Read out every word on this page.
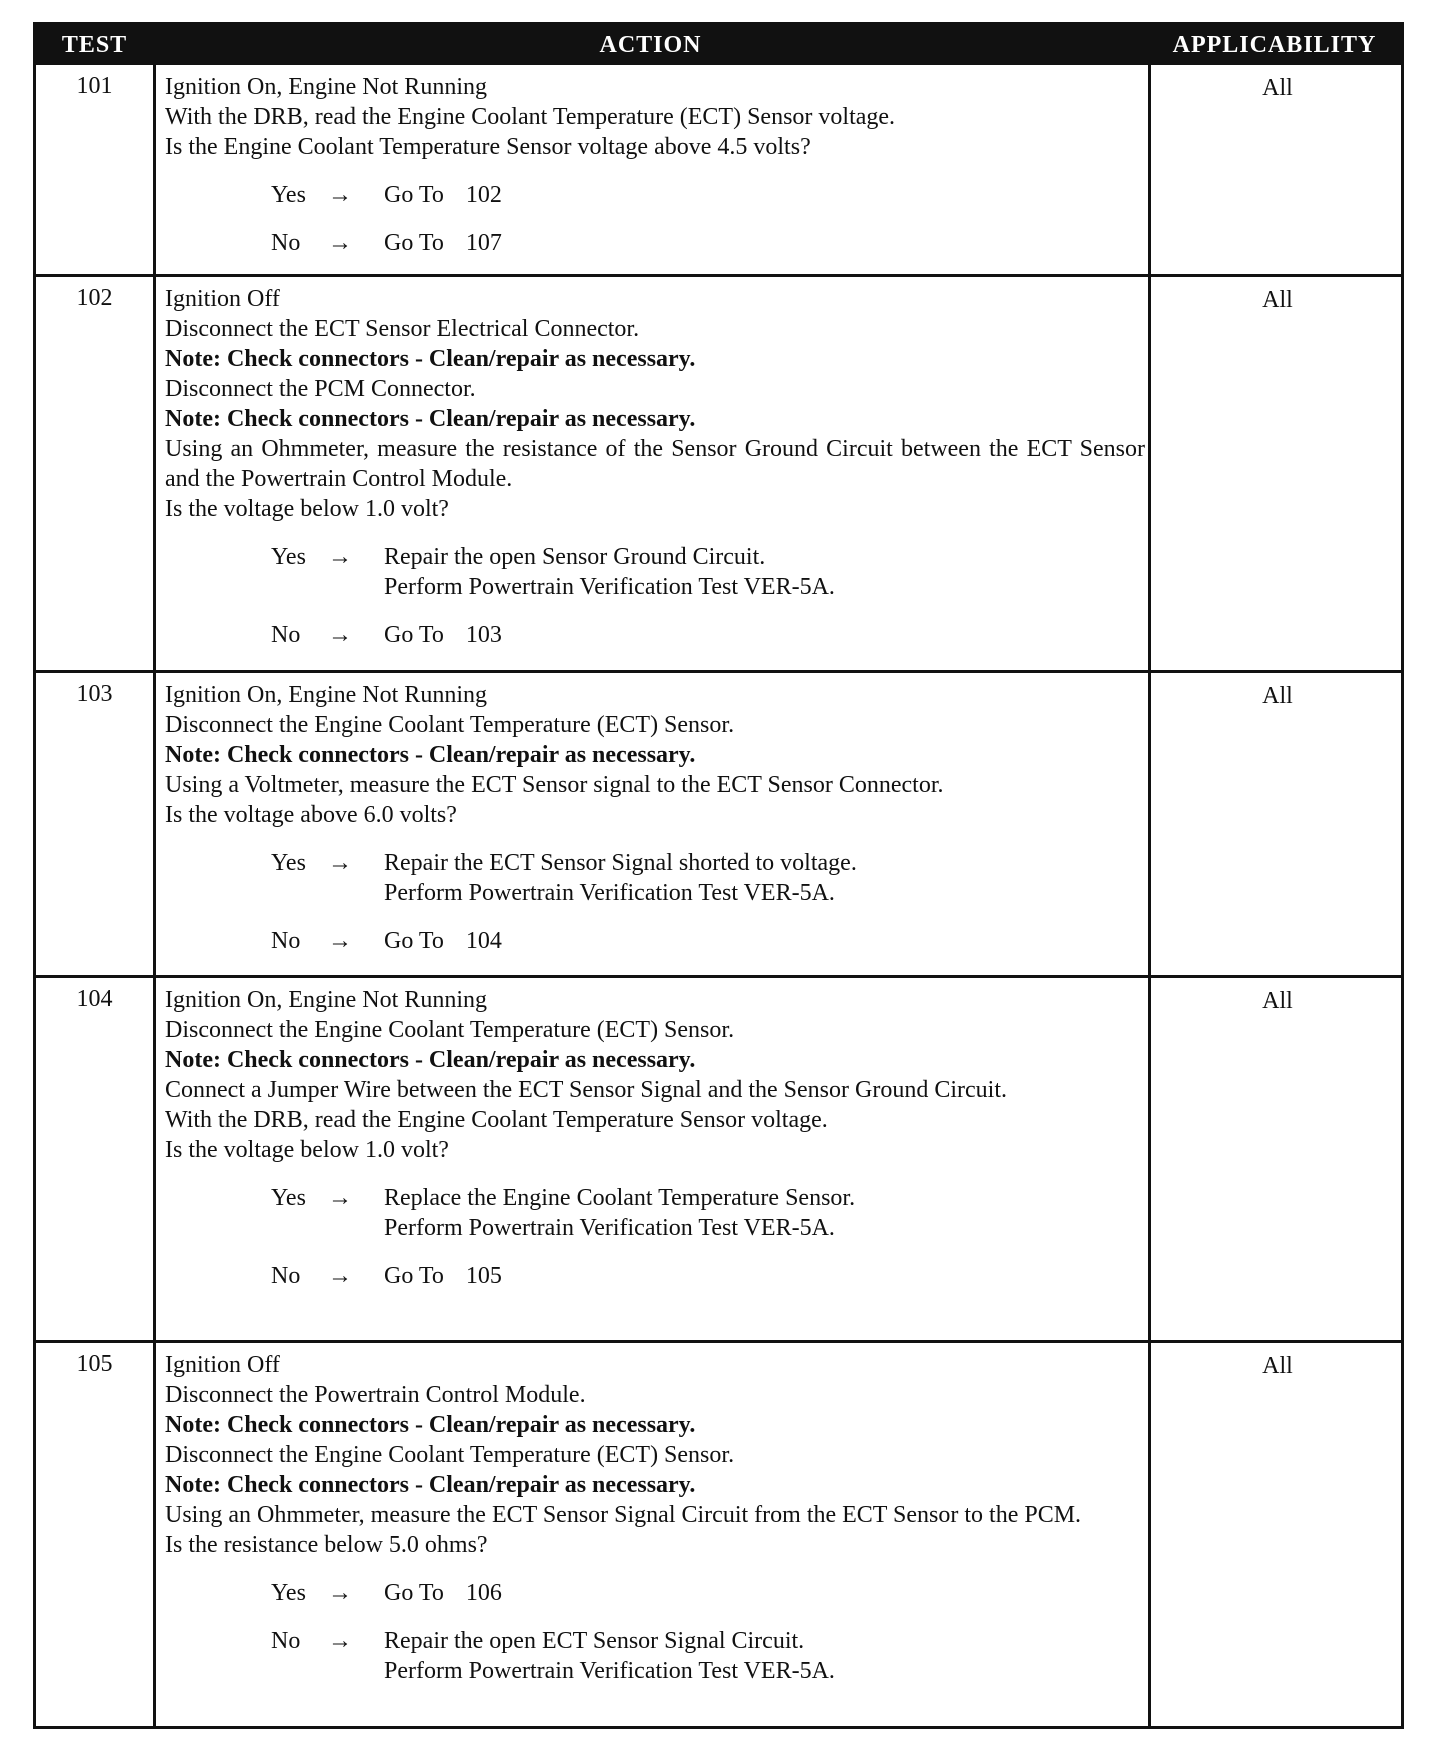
TEST	ACTION	APPLICABILITY
101	Ignition On, Engine Not Running
With the DRB, read the Engine Coolant Temperature (ECT) Sensor voltage.
Is the Engine Coolant Temperature Sensor voltage above 4.5 volts?
Yes → Go To 102
No → Go To 107
All
102	Ignition Off
Disconnect the ECT Sensor Electrical Connector.
Note: Check connectors - Clean/repair as necessary.
Disconnect the PCM Connector.
Note: Check connectors - Clean/repair as necessary.
Using an Ohmmeter, measure the resistance of the Sensor Ground Circuit between the ECT Sensor and the Powertrain Control Module.
Is the voltage below 1.0 volt?
Yes → Repair the open Sensor Ground Circuit.
Perform Powertrain Verification Test VER-5A.
No → Go To 103
All
103	Ignition On, Engine Not Running
Disconnect the Engine Coolant Temperature (ECT) Sensor.
Note: Check connectors - Clean/repair as necessary.
Using a Voltmeter, measure the ECT Sensor signal to the ECT Sensor Connector.
Is the voltage above 6.0 volts?
Yes → Repair the ECT Sensor Signal shorted to voltage.
Perform Powertrain Verification Test VER-5A.
No → Go To 104
All
104	Ignition On, Engine Not Running
Disconnect the Engine Coolant Temperature (ECT) Sensor.
Note: Check connectors - Clean/repair as necessary.
Connect a Jumper Wire between the ECT Sensor Signal and the Sensor Ground Circuit.
With the DRB, read the Engine Coolant Temperature Sensor voltage.
Is the voltage below 1.0 volt?
Yes → Replace the Engine Coolant Temperature Sensor.
Perform Powertrain Verification Test VER-5A.
No → Go To 105
All
105	Ignition Off
Disconnect the Powertrain Control Module.
Note: Check connectors - Clean/repair as necessary.
Disconnect the Engine Coolant Temperature (ECT) Sensor.
Note: Check connectors - Clean/repair as necessary.
Using an Ohmmeter, measure the ECT Sensor Signal Circuit from the ECT Sensor to the PCM.
Is the resistance below 5.0 ohms?
Yes → Go To 106
No → Repair the open ECT Sensor Signal Circuit.
Perform Powertrain Verification Test VER-5A.
All
